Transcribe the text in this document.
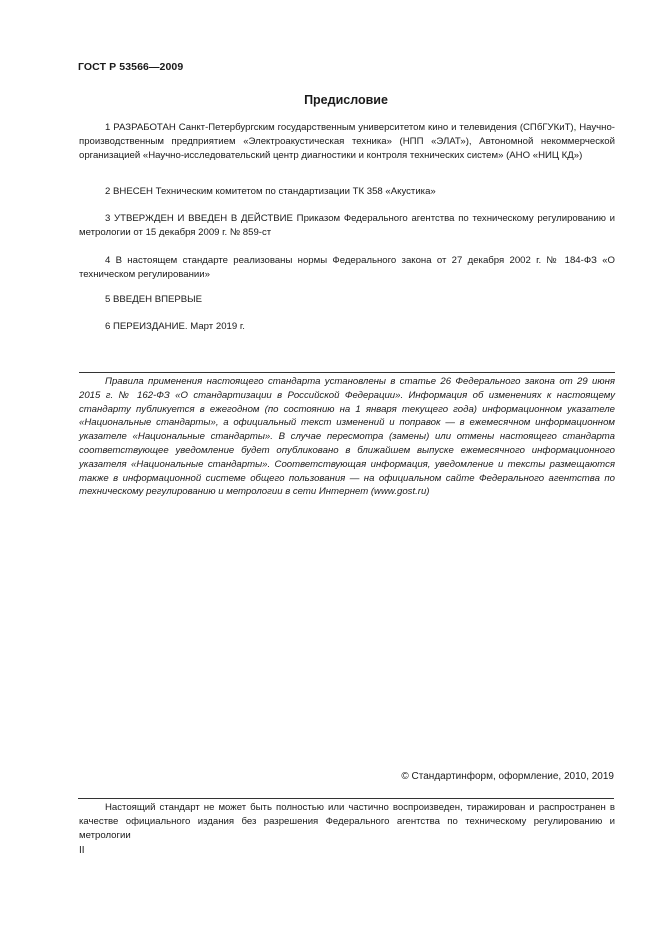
ГОСТ Р 53566—2009
Предисловие
1 РАЗРАБОТАН Санкт-Петербургским государственным университетом кино и телевидения (СПбГУКиТ), Научно-производственным предприятием «Электроакустическая техника» (НПП «ЭЛАТ»), Автономной некоммерческой организацией «Научно-исследовательский центр диагностики и контроля технических систем» (АНО «НИЦ КД»)
2 ВНЕСЕН Техническим комитетом по стандартизации ТК 358 «Акустика»
3 УТВЕРЖДЕН И ВВЕДЕН В ДЕЙСТВИЕ Приказом Федерального агентства по техническому регулированию и метрологии от 15 декабря 2009 г. № 859-ст
4 В настоящем стандарте реализованы нормы Федерального закона от 27 декабря 2002 г. № 184-ФЗ «О техническом регулировании»
5 ВВЕДЕН ВПЕРВЫЕ
6 ПЕРЕИЗДАНИЕ. Март 2019 г.
Правила применения настоящего стандарта установлены в статье 26 Федерального закона от 29 июня 2015 г. № 162-ФЗ «О стандартизации в Российской Федерации». Информация об изменениях к настоящему стандарту публикуется в ежегодном (по состоянию на 1 января текущего года) информационном указателе «Национальные стандарты», а официальный текст изменений и поправок — в ежемесячном информационном указателе «Национальные стандарты». В случае пересмотра (замены) или отмены настоящего стандарта соответствующее уведомление будет опубликовано в ближайшем выпуске ежемесячного информационного указателя «Национальные стандарты». Соответствующая информация, уведомление и тексты размещаются также в информационной системе общего пользования — на официальном сайте Федерального агентства по техническому регулированию и метрологии в сети Интернет (www.gost.ru)
© Стандартинформ, оформление, 2010, 2019
Настоящий стандарт не может быть полностью или частично воспроизведен, тиражирован и распространен в качестве официального издания без разрешения Федерального агентства по техническому регулированию и метрологии
II
